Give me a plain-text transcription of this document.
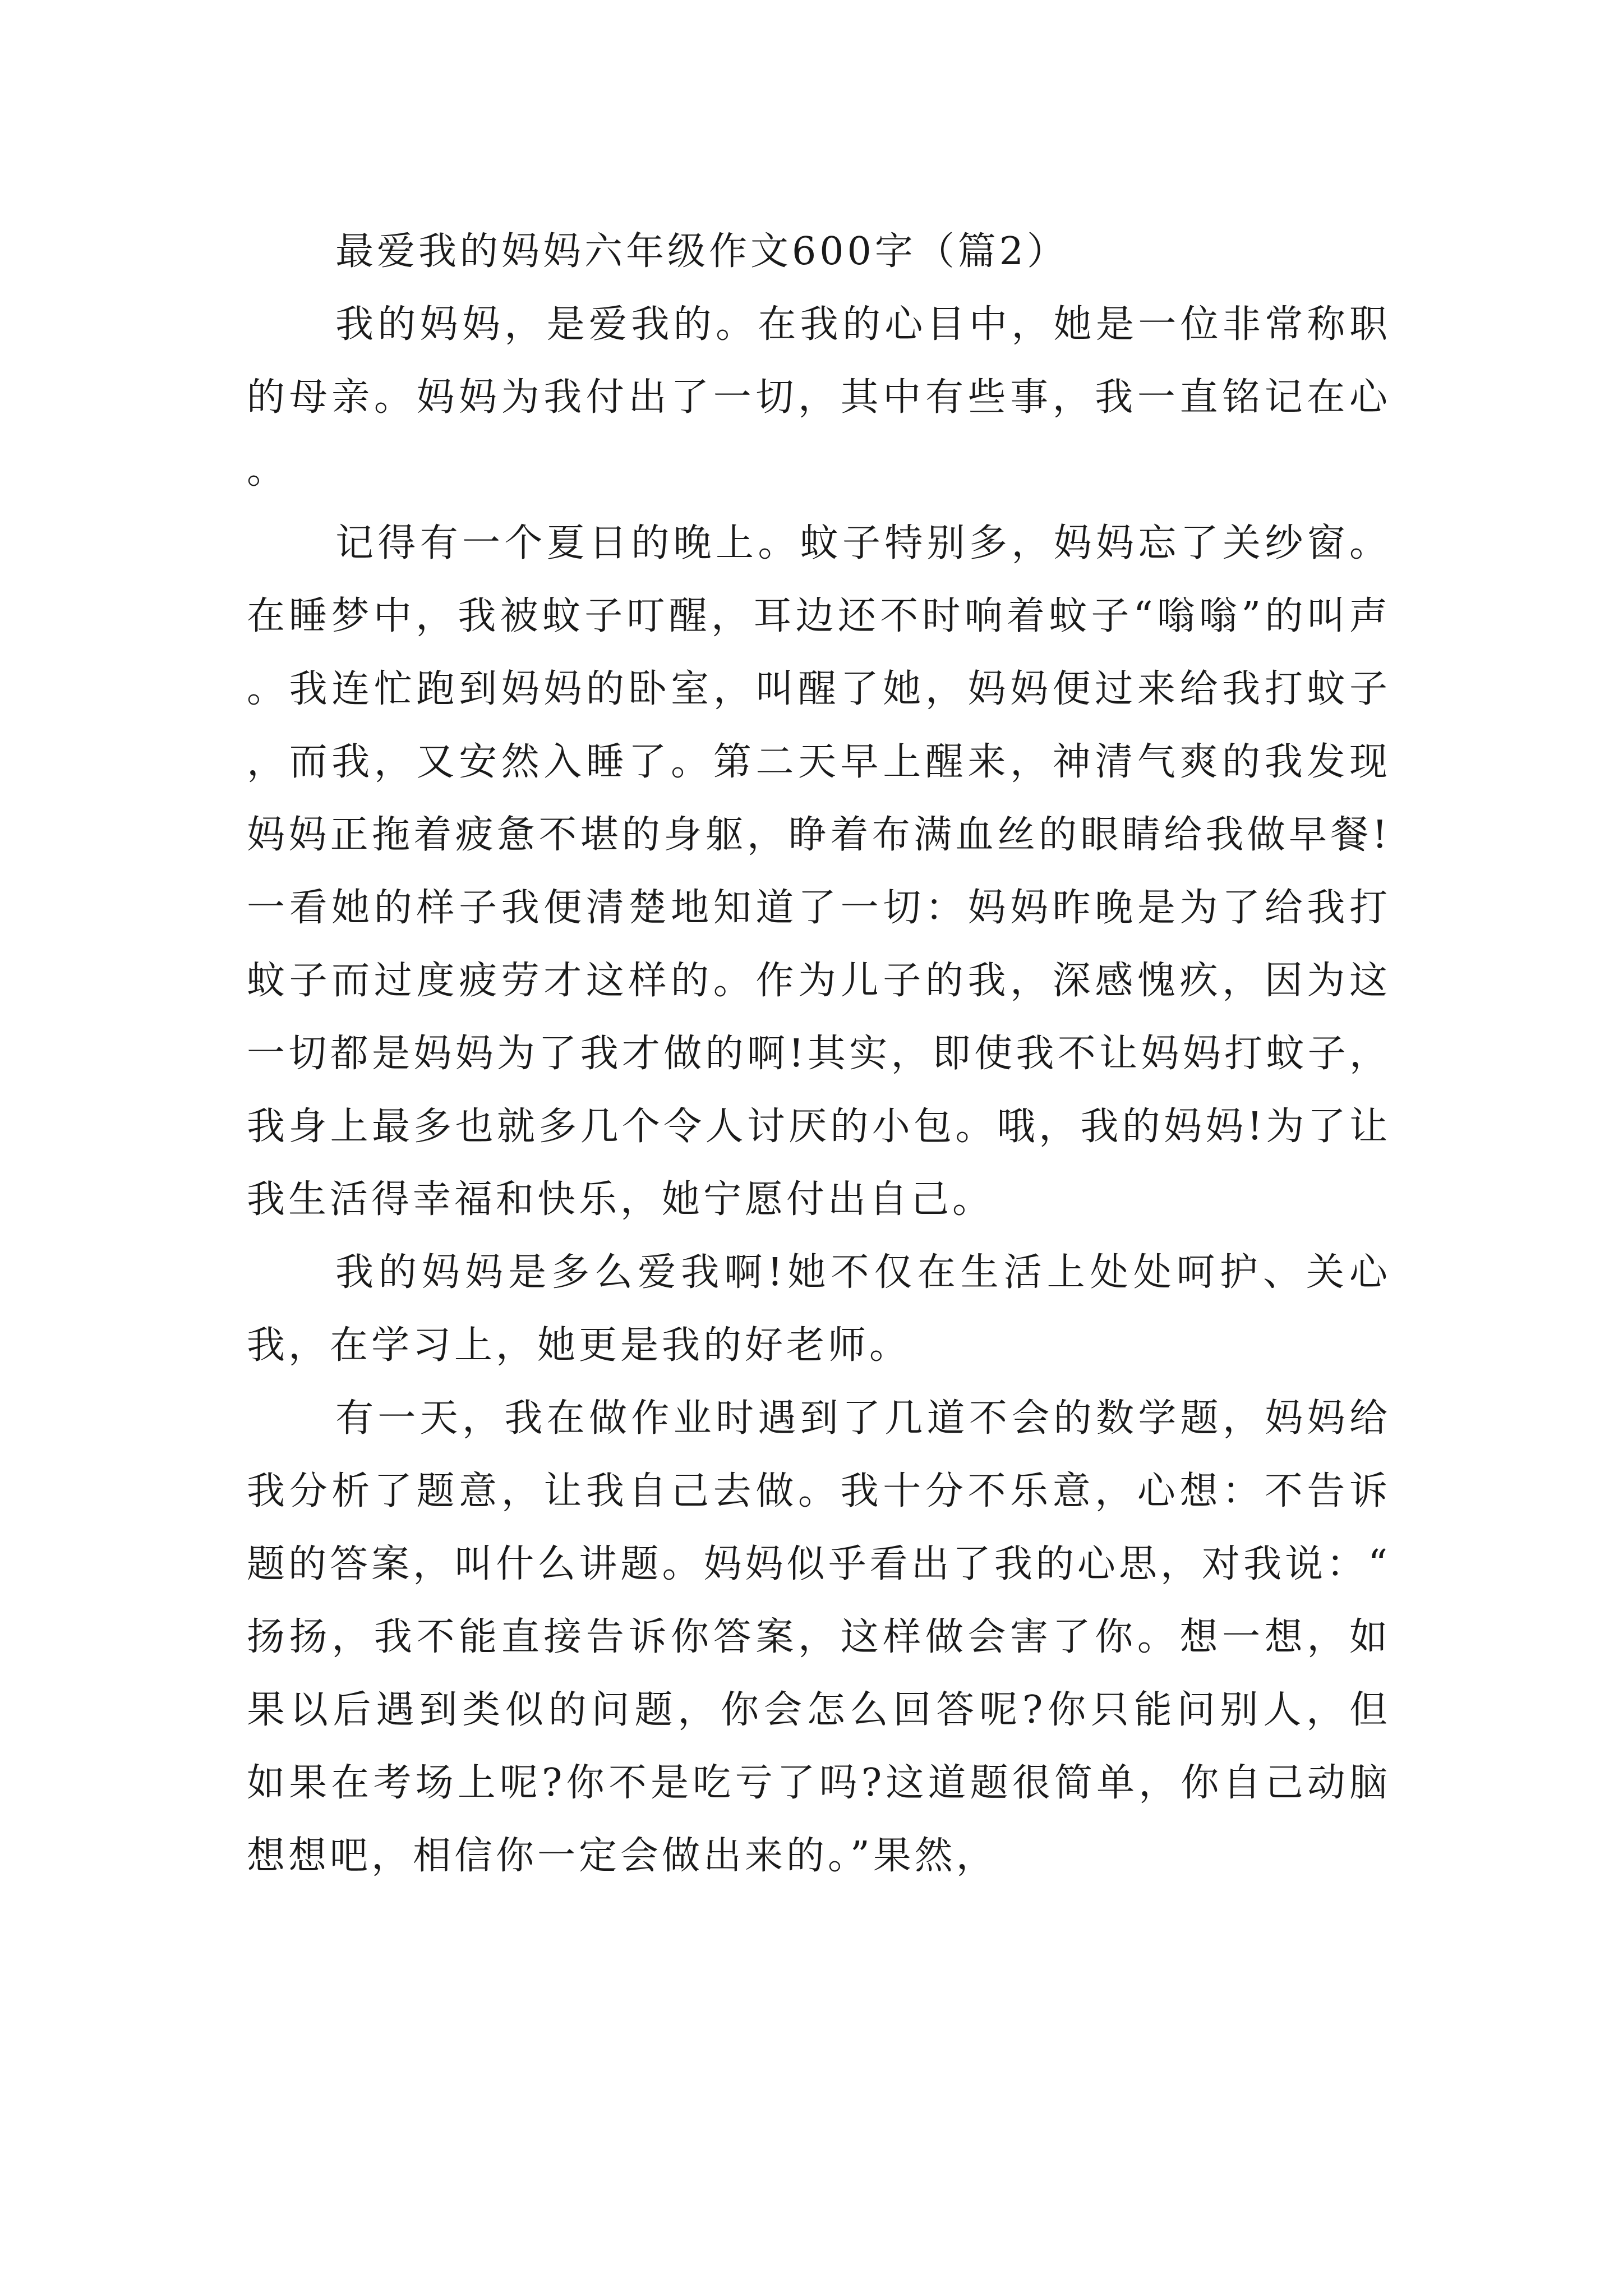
最爱我的妈妈六年级作文600字（篇2）

我的妈妈，是爱我的。在我的心目中，她是一位非常称职的母亲。妈妈为我付出了一切，其中有些事，我一直铭记在心。

记得有一个夏日的晚上。蚊子特别多，妈妈忘了关纱窗。在睡梦中，我被蚊子叮醒，耳边还不时响着蚊子“嗡嗡”的叫声。我连忙跑到妈妈的卧室，叫醒了她，妈妈便过来给我打蚊子，而我，又安然入睡了。第二天早上醒来，神清气爽的我发现妈妈正拖着疲惫不堪的身躯，睁着布满血丝的眼睛给我做早餐!一看她的样子我便清楚地知道了一切：妈妈昨晚是为了给我打蚊子而过度疲劳才这样的。作为儿子的我，深感愧疚，因为这一切都是妈妈为了我才做的啊!其实，即使我不让妈妈打蚊子，我身上最多也就多几个令人讨厌的小包。哦，我的妈妈!为了让我生活得幸福和快乐，她宁愿付出自己。

我的妈妈是多么爱我啊!她不仅在生活上处处呵护、关心我，在学习上，她更是我的好老师。

有一天，我在做作业时遇到了几道不会的数学题，妈妈给我分析了题意，让我自己去做。我十分不乐意，心想：不告诉题的答案，叫什么讲题。妈妈似乎看出了我的心思，对我说：“扬扬，我不能直接告诉你答案，这样做会害了你。想一想，如果以后遇到类似的问题，你会怎么回答呢?你只能问别人，但如果在考场上呢?你不是吃亏了吗?这道题很简单，你自己动脑想想吧，相信你一定会做出来的。”果然，
